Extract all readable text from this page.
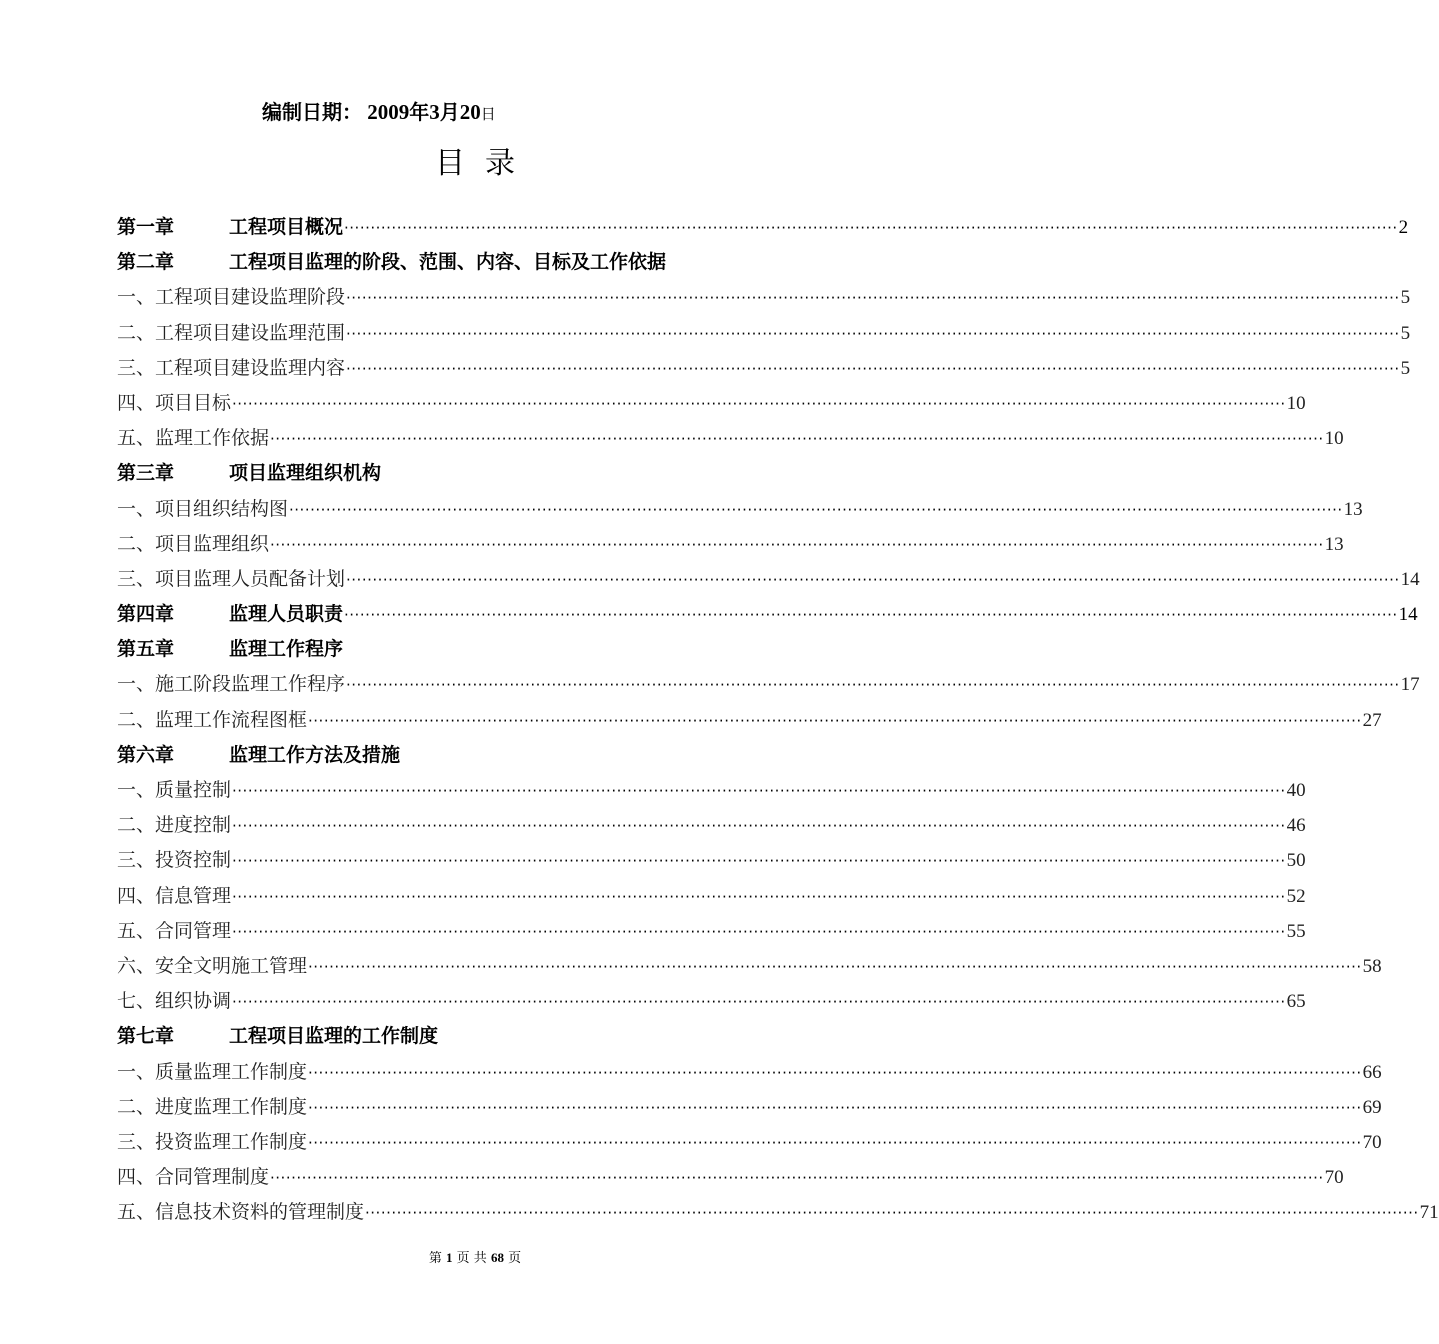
编制日期： 2009年3月20日
目录
第一章	工程项目概况 ········································································································································································································ 2
第二章	工程项目监理的阶段、范围、内容、目标及工作依据
一、工程项目建设监理阶段 ········································································································································································································ 5
二、工程项目建设监理范围 ········································································································································································································ 5
三、工程项目建设监理内容 ········································································································································································································ 5
四、项目目标 ········································································································································································································ 10
五、监理工作依据 ········································································································································································································ 10
第三章	项目监理组织机构
一、项目组织结构图 ········································································································································································································ 13
二、项目监理组织 ········································································································································································································ 13
三、项目监理人员配备计划 ········································································································································································································ 14
第四章	监理人员职责 ········································································································································································································ 14
第五章	监理工作程序
一、施工阶段监理工作程序 ········································································································································································································ 17
二、监理工作流程图框 ········································································································································································································ 27
第六章	监理工作方法及措施
一、质量控制 ········································································································································································································ 40
二、进度控制 ········································································································································································································ 46
三、投资控制 ········································································································································································································ 50
四、信息管理 ········································································································································································································ 52
五、合同管理 ········································································································································································································ 55
六、安全文明施工管理 ········································································································································································································ 58
七、组织协调 ········································································································································································································ 65
第七章	工程项目监理的工作制度
一、质量监理工作制度 ········································································································································································································ 66
二、进度监理工作制度 ········································································································································································································ 69
三、投资监理工作制度 ········································································································································································································ 70
四、合同管理制度 ········································································································································································································ 70
五、信息技术资料的管理制度 ········································································································································································································ 71
第 1 页 共 68 页
